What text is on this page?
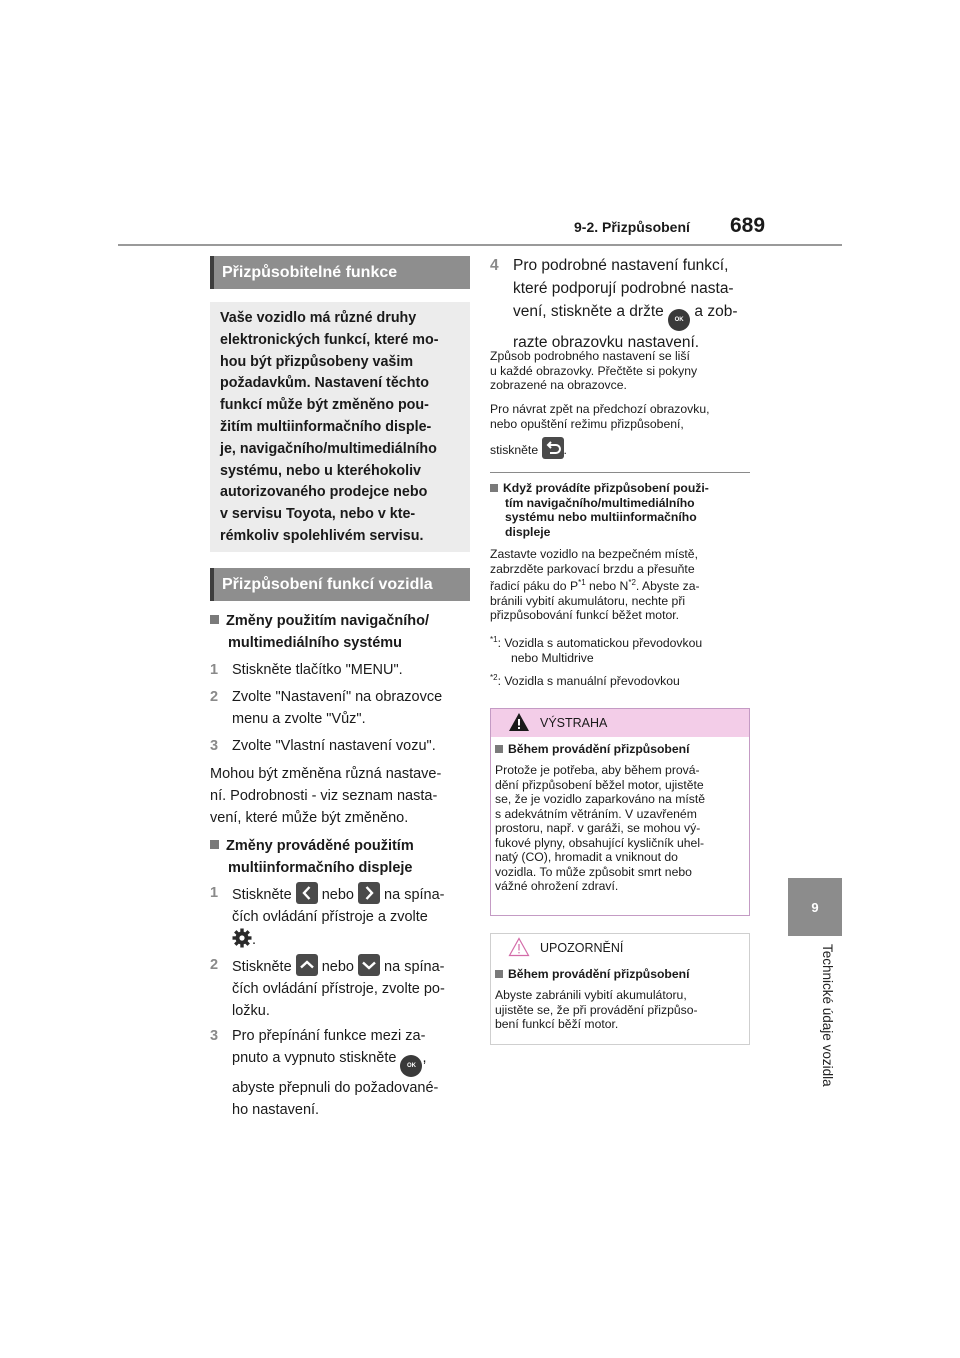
9-2. Přizpůsobení 689
9
Technické údaje vozidla
Přizpůsobitelné funkce
Vaše vozidlo má různé druhy
elektronických funkcí, které mo-
hou být přizpůsobeny vašim
požadavkům. Nastavení těchto
funkcí může být změněno pou-
žitím multiinformačního disple-
je, navigačního/multimediálního
systému, nebo u kteréhokoliv
autorizovaného prodejce nebo
v servisu Toyota, nebo v kte-
rémkoliv spolehlivém servisu.
Přizpůsobení funkcí vozidla
Změny použitím navigačního/
multimediálního systému
1 Stiskněte tlačítko "MENU".
2 Zvolte "Nastavení" na obrazovce
menu a zvolte "Vůz".
3 Zvolte "Vlastní nastavení vozu".
Mohou být změněna různá nastave-
ní. Podrobnosti - viz seznam nasta-
vení, které může být změněno.
Změny prováděné použitím
multiinformačního displeje
1 Stiskněte nebo na spína-
čích ovládání přístroje a zvolte
.
2 Stiskněte nebo na spína-
čích ovládání přístroje, zvolte po-
ložku.
3 Pro přepínání funkce mezi za-
pnuto a vypnuto stiskněte OK ,
abyste přepnuli do požadované-
ho nastavení.
4 Pro podrobné nastavení funkcí,
které podporují podrobné nasta-
vení, stiskněte a držte OK a zob-
razte obrazovku nastavení.
Způsob podrobného nastavení se liší
u každé obrazovky. Přečtěte si pokyny
zobrazené na obrazovce.
Pro návrat zpět na předchozí obrazovku,
nebo opuštění režimu přizpůsobení,
stiskněte .
Když provádíte přizpůsobení použi-
tím navigačního/multimediálního
systému nebo multiinformačního
displeje
Zastavte vozidlo na bezpečném místě,
zabrzděte parkovací brzdu a přesuňte
řadicí páku do $P^{*1}$ nebo $N^{*2}$. Abyste za-
bránili vybití akumulátoru, nechte při
přizpůsobování funkcí běžet motor.
$^{*1}$: Vozidla s automatickou převodovkou
nebo Multidrive
$^{*2}$: Vozidla s manuální převodovkou
VÝSTRAHA
Během provádění přizpůsobení
Protože je potřeba, aby během prová-
dění přizpůsobení běžel motor, ujistěte
se, že je vozidlo zaparkováno na místě
s adekvátním větráním. V uzavřeném
prostoru, např. v garáži, se mohou vý-
fukové plyny, obsahující kysličník uhel-
natý (CO), hromadit a vniknout do
vozidla. To může způsobit smrt nebo
vážné ohrožení zdraví.
UPOZORNĚNÍ
Během provádění přizpůsobení
Abyste zabránili vybití akumulátoru,
ujistěte se, že při provádění přizpůso-
bení funkcí běží motor.
